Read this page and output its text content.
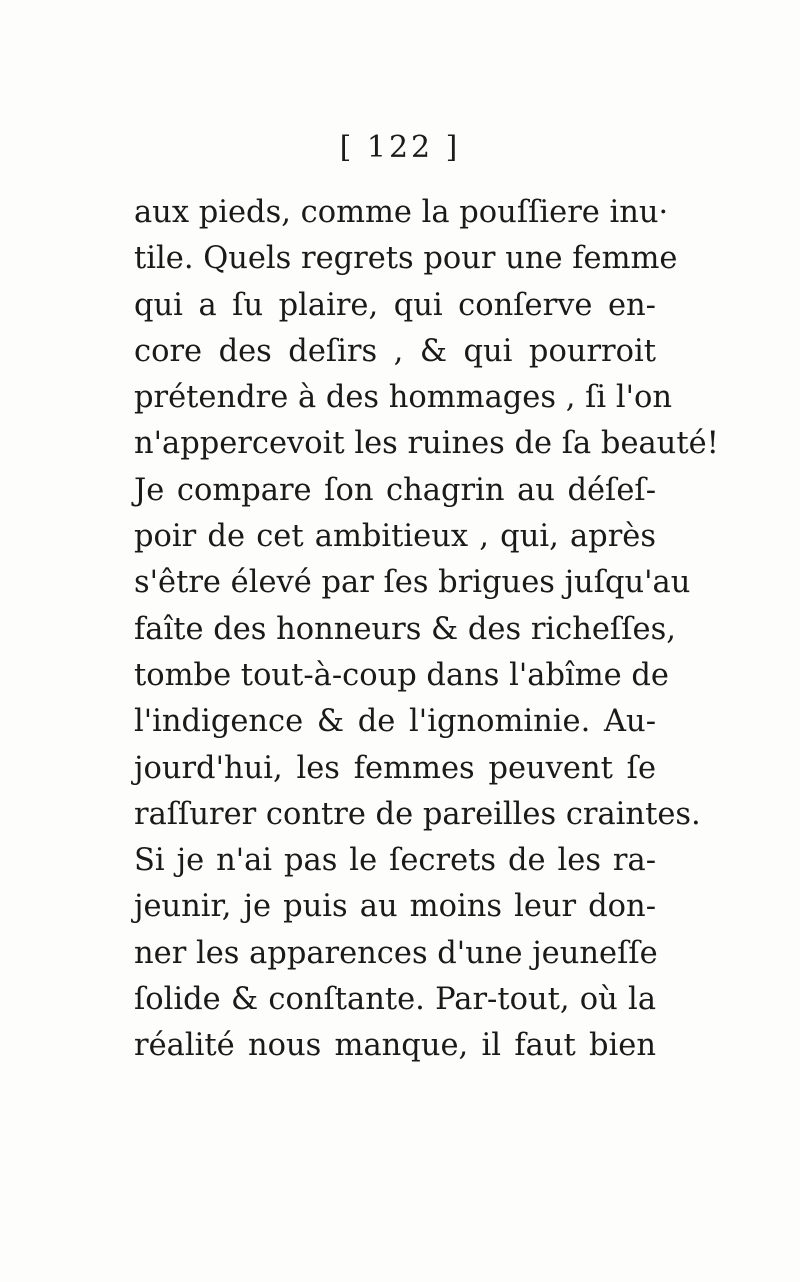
[ 122 ]
aux pieds, comme la pouſſiere inu·
tile. Quels regrets pour une femme
qui a ſu plaire, qui conſerve en-
core des deſirs , & qui pourroit
prétendre à des hommages , ſi l'on
n'appercevoit les ruines de ſa beauté!
Je compare ſon chagrin au déſeſ-
poir de cet ambitieux , qui, après
s'être élevé par ſes brigues juſqu'au
faîte des honneurs & des richeſſes,
tombe tout-à-coup dans l'abîme de
l'indigence & de l'ignominie. Au-
jourd'hui, les femmes peuvent ſe
raſſurer contre de pareilles craintes.
Si je n'ai pas le ſecrets de les ra-
jeunir, je puis au moins leur don-
ner les apparences d'une jeuneſſe
ſolide & conſtante. Par-tout, où la
réalité nous manque, il faut bien
